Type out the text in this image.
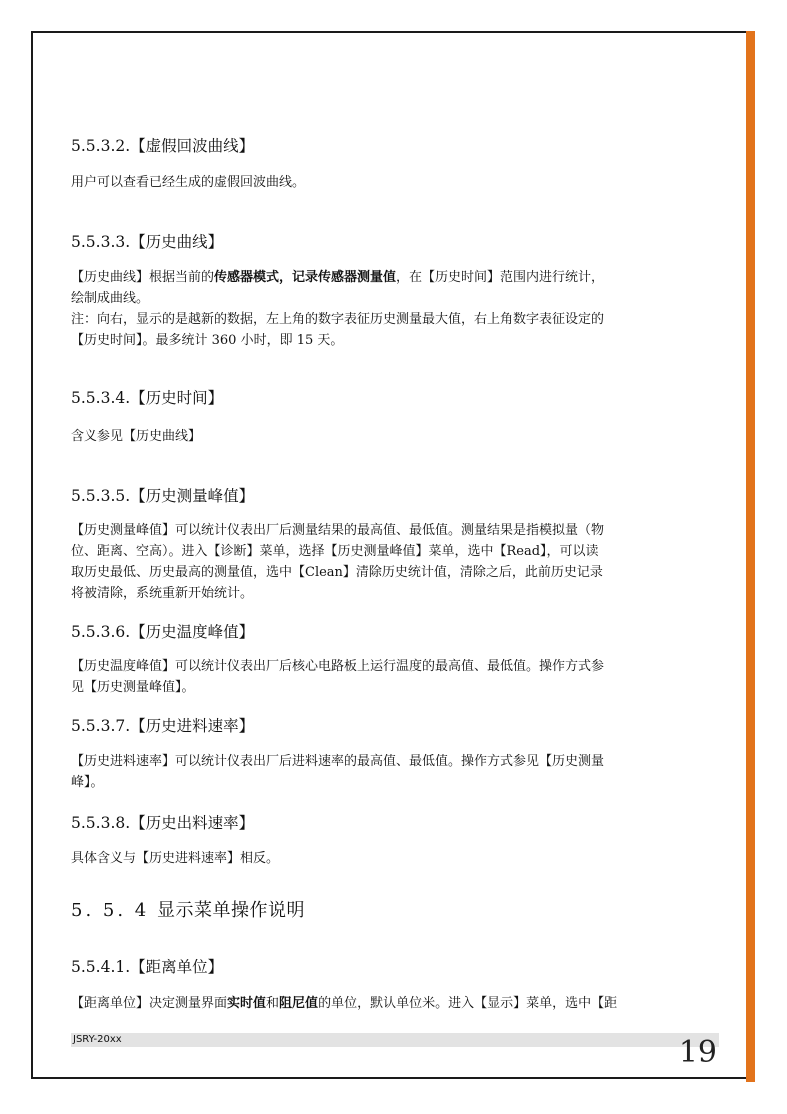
5.5.3.2.【虚假回波曲线】
用户可以查看已经生成的虚假回波曲线。
5.5.3.3.【历史曲线】
【历史曲线】根据当前的传感器模式，记录传感器测量值，在【历史时间】范围内进行统计，
绘制成曲线。
注：向右，显示的是越新的数据，左上角的数字表征历史测量最大值，右上角数字表征设定的
【历史时间】。最多统计 360 小时，即 15 天。
5.5.3.4.【历史时间】
含义参见【历史曲线】
5.5.3.5.【历史测量峰值】
【历史测量峰值】可以统计仪表出厂后测量结果的最高值、最低值。测量结果是指模拟量（物
位、距离、空高）。进入【诊断】菜单，选择【历史测量峰值】菜单，选中【Read】，可以读
取历史最低、历史最高的测量值，选中【Clean】清除历史统计值，清除之后，此前历史记录
将被清除，系统重新开始统计。
5.5.3.6.【历史温度峰值】
【历史温度峰值】可以统计仪表出厂后核心电路板上运行温度的最高值、最低值。操作方式参
见【历史测量峰值】。
5.5.3.7.【历史进料速率】
【历史进料速率】可以统计仪表出厂后进料速率的最高值、最低值。操作方式参见【历史测量
峰】。
5.5.3.8.【历史出料速率】
具体含义与【历史进料速率】相反。
5. 5. 4 显示菜单操作说明
5.5.4.1.【距离单位】
【距离单位】决定测量界面实时值和阻尼值的单位，默认单位米。进入【显示】菜单，选中【距
JSRY-20xx	19
